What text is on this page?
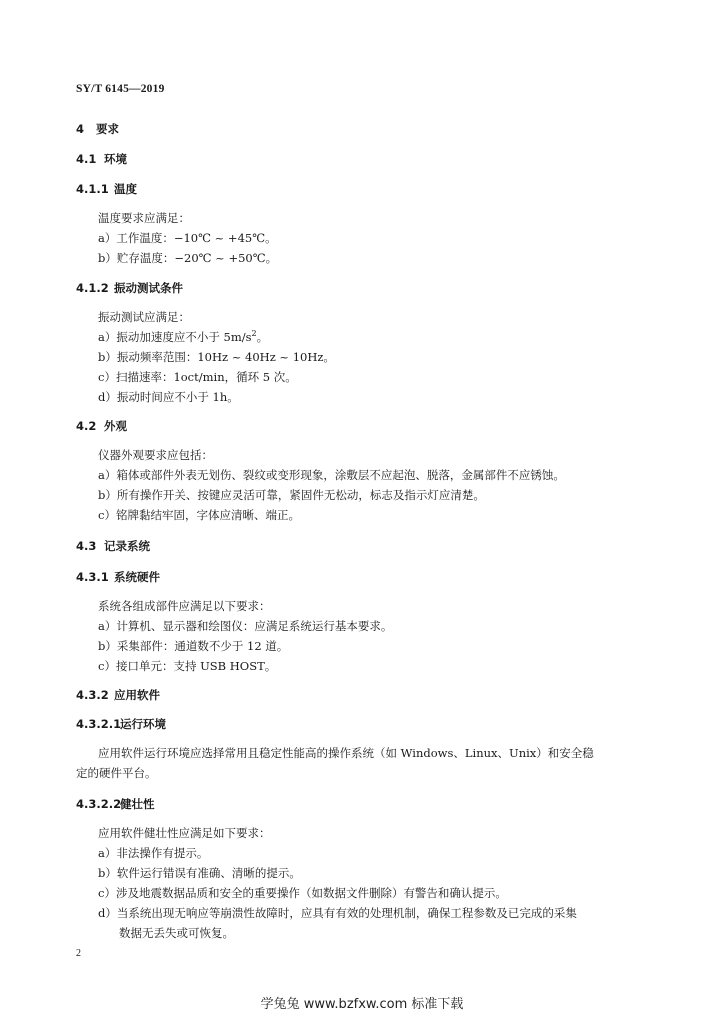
SY/T 6145—2019
4 要求
4.1 环境
4.1.1 温度
温度要求应满足：
a）工作温度：−10℃ ~ +45℃。
b）贮存温度：−20℃ ~ +50℃。
4.1.2 振动测试条件
振动测试应满足：
a）振动加速度应不小于 $5m/s^2$。
b）振动频率范围：10Hz ~ 40Hz ~ 10Hz。
c）扫描速率：1oct/min，循环 5 次。
d）振动时间应不小于 1h。
4.2 外观
仪器外观要求应包括：
a）箱体或部件外表无划伤、裂纹或变形现象，涂敷层不应起泡、脱落，金属部件不应锈蚀。
b）所有操作开关、按键应灵活可靠，紧固件无松动，标志及指示灯应清楚。
c）铭牌黏结牢固，字体应清晰、端正。
4.3 记录系统
4.3.1 系统硬件
系统各组成部件应满足以下要求：
a）计算机、显示器和绘图仪：应满足系统运行基本要求。
b）采集部件：通道数不少于 12 道。
c）接口单元：支持 USB HOST。
4.3.2 应用软件
4.3.2.1运行环境
应用软件运行环境应选择常用且稳定性能高的操作系统（如 Windows、Linux、Unix）和安全稳
定的硬件平台。
4.3.2.2健壮性
应用软件健壮性应满足如下要求：
a）非法操作有提示。
b）软件运行错误有准确、清晰的提示。
c）涉及地震数据品质和安全的重要操作（如数据文件删除）有警告和确认提示。
d）当系统出现无响应等崩溃性故障时，应具有有效的处理机制，确保工程参数及已完成的采集
数据无丢失或可恢复。
2
学兔兔 www.bzfxw.com 标准下载
